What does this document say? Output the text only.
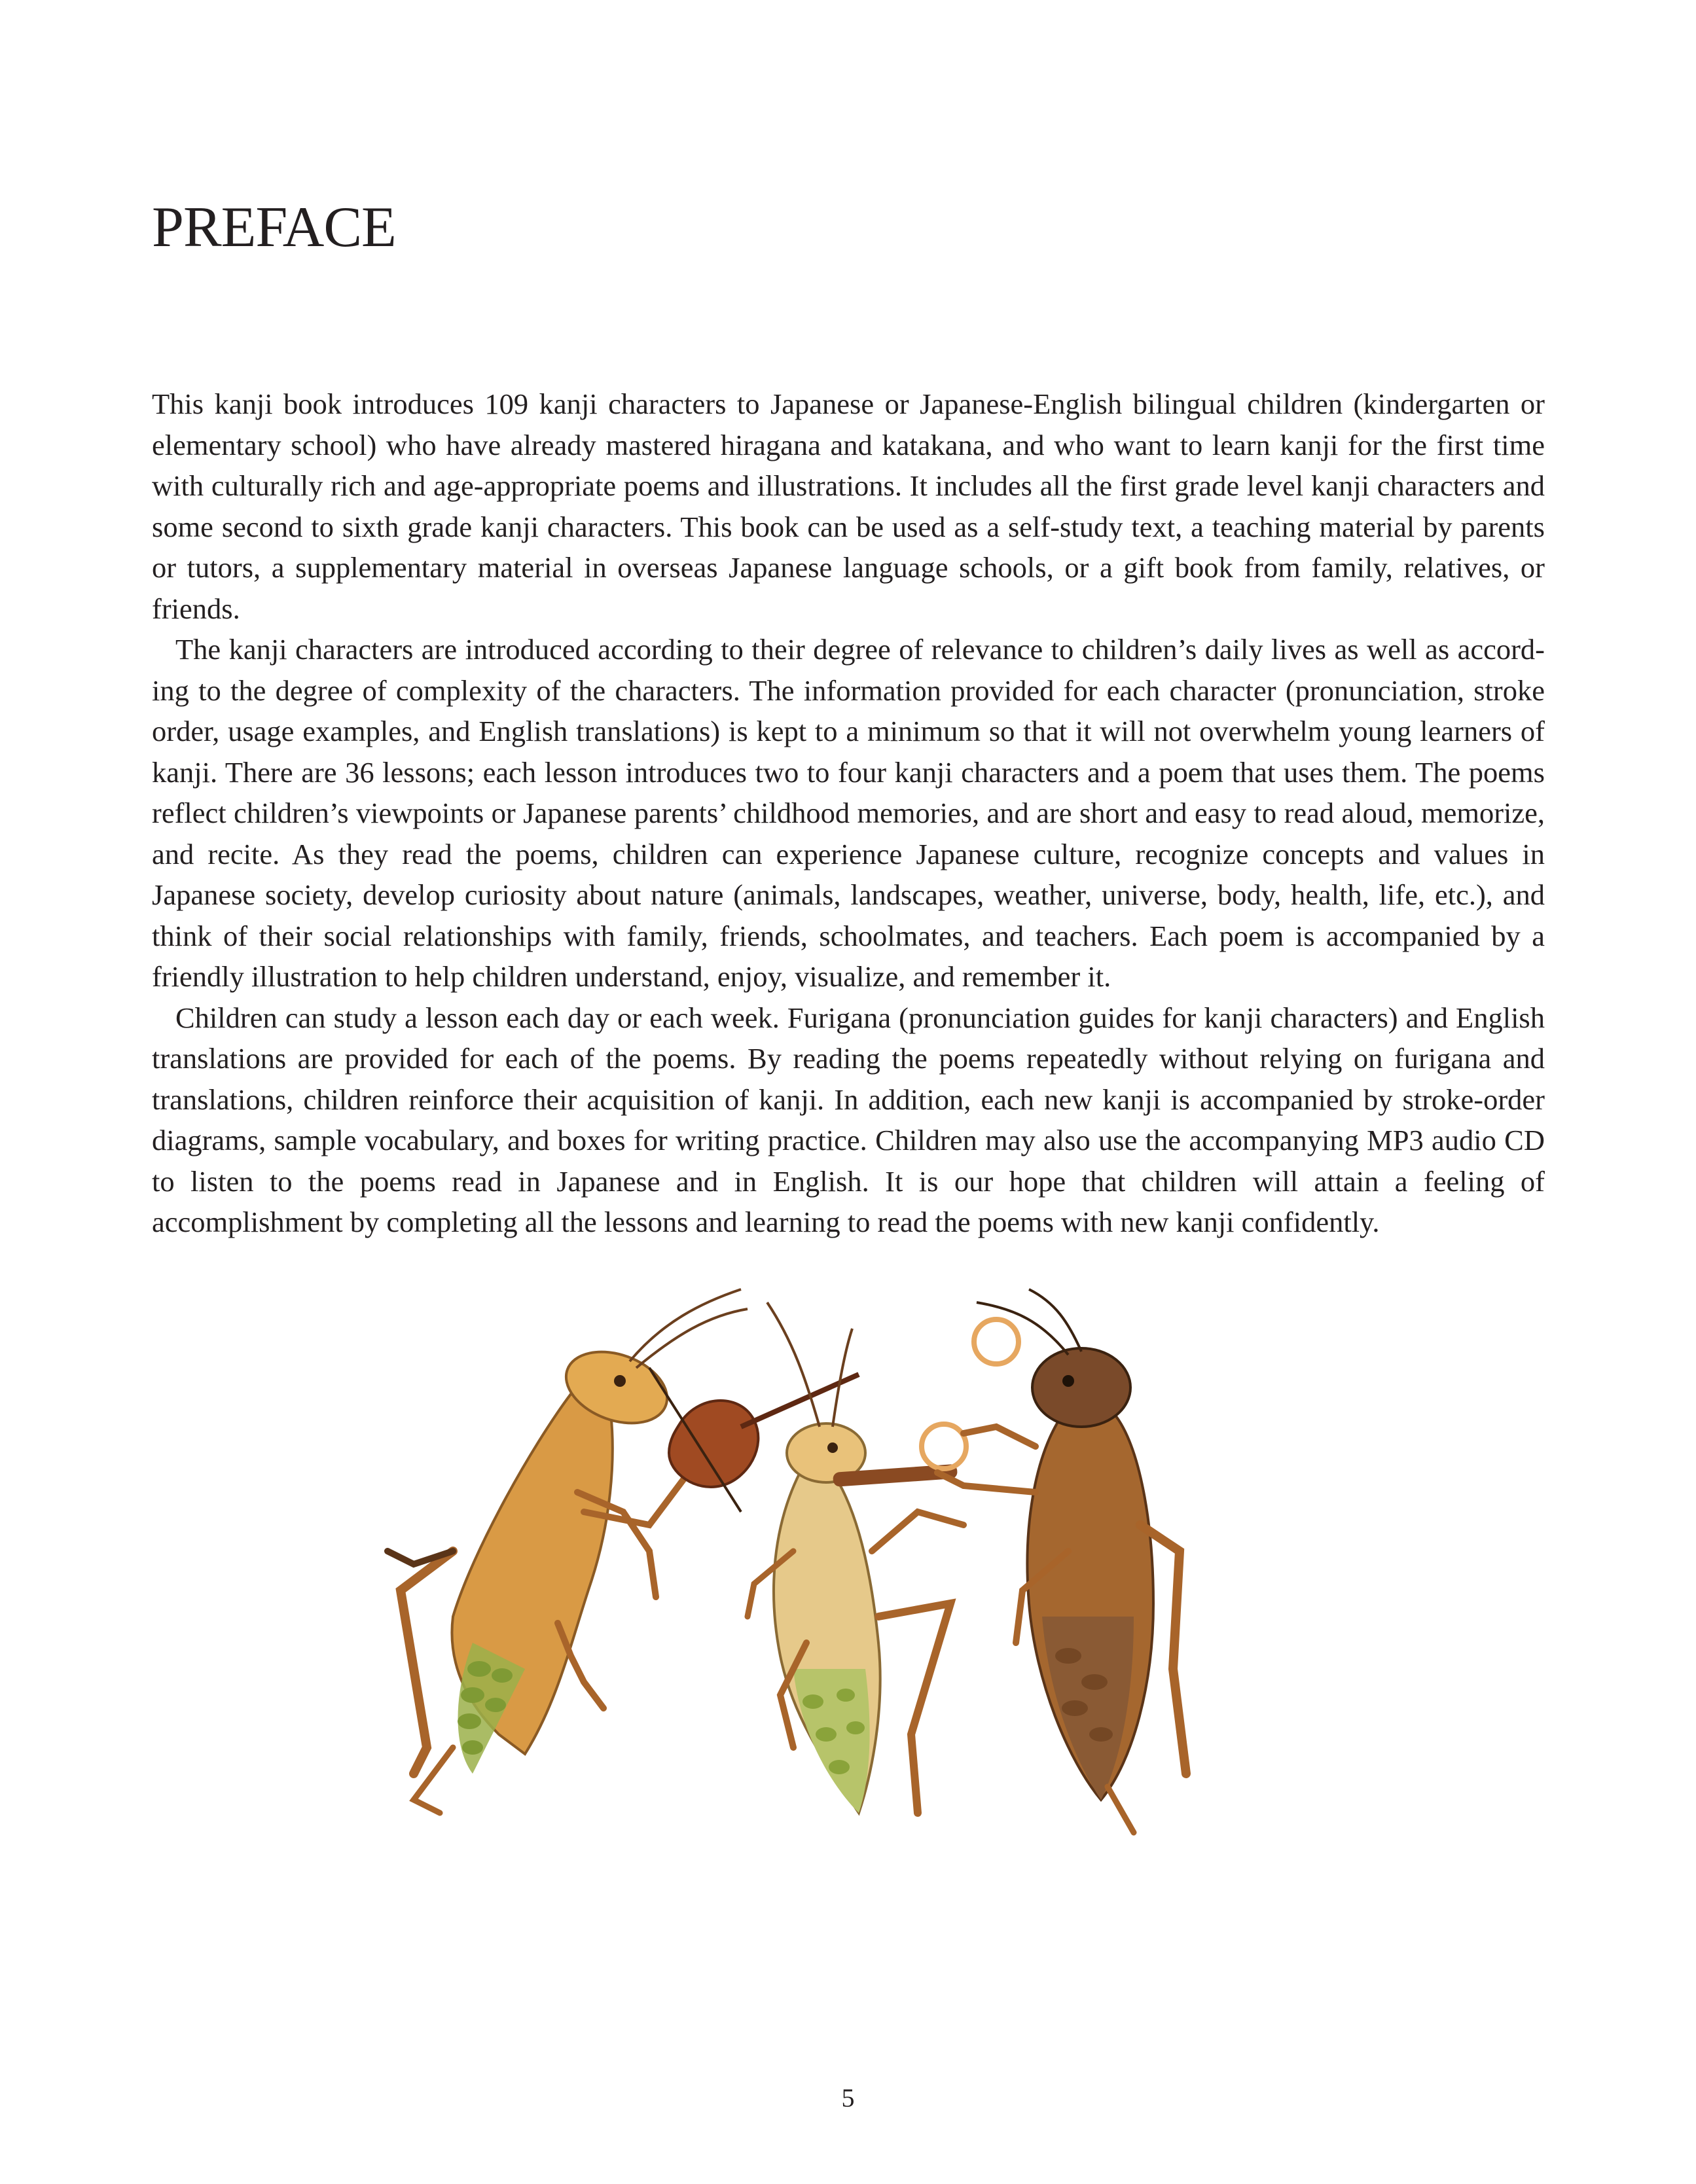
PREFACE

This kanji book introduces 109 kanji characters to Japanese or Japanese-English bilingual children (kindergarten or elementary school) who have already mastered hiragana and katakana, and who want to learn kanji for the first time with culturally rich and age-appropriate poems and illustrations. It includes all the first grade level kanji characters and some second to sixth grade kanji characters. This book can be used as a self-study text, a teaching material by parents or tutors, a supplementary material in overseas Japanese language schools, or a gift book from family, relatives, or friends.

The kanji characters are introduced according to their degree of relevance to children’s daily lives as well as according to the degree of complexity of the characters. The information provided for each character (pronunciation, stroke order, usage examples, and English translations) is kept to a minimum so that it will not overwhelm young learners of kanji. There are 36 lessons; each lesson introduces two to four kanji characters and a poem that uses them. The poems reflect children’s viewpoints or Japanese parents’ childhood memories, and are short and easy to read aloud, memorize, and recite. As they read the poems, children can experience Japanese culture, recognize concepts and values in Japanese society, develop curiosity about nature (animals, landscapes, weather, universe, body, health, life, etc.), and think of their social relationships with family, friends, schoolmates, and teachers. Each poem is accompanied by a friendly illustration to help children understand, enjoy, visualize, and remember it.

Children can study a lesson each day or each week. Furigana (pronunciation guides for kanji characters) and English translations are provided for each of the poems. By reading the poems repeatedly without relying on furigana and translations, children reinforce their acquisition of kanji. In addition, each new kanji is accompanied by stroke-order diagrams, sample vocabulary, and boxes for writing practice. Children may also use the accompanying MP3 audio CD to listen to the poems read in Japanese and in English. It is our hope that children will attain a feeling of accomplishment by completing all the lessons and learning to read the poems with new kanji confidently.

5
